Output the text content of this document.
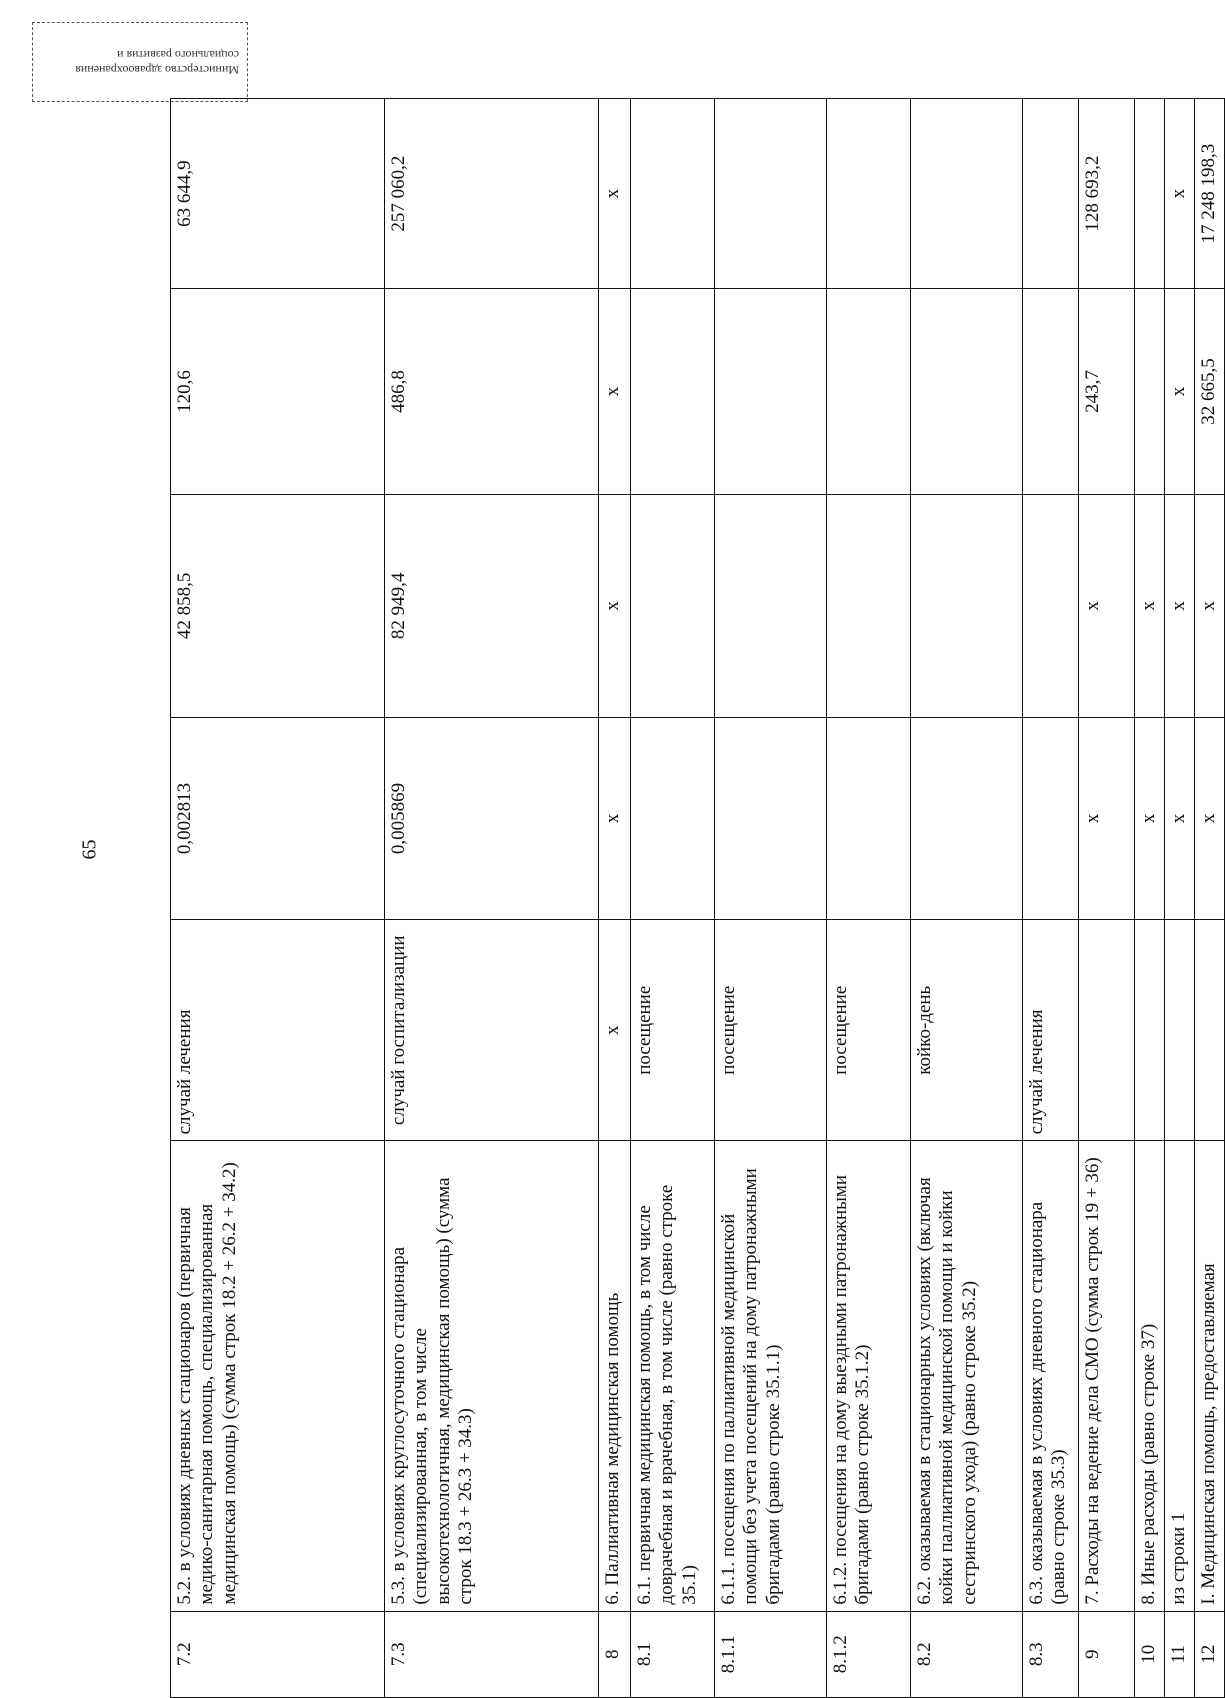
Министерство здравоохранения
социального развития и
65
7.2	5.2. в условиях дневных стационаров (первичная медико-санитарная помощь, специализированная медицинская помощь) (сумма строк 18.2 + 26.2 + 34.2)	случай лечения	0,002813	42 858,5	120,6	63 644,9
7.3	5.3. в условиях круглосуточного стационара (специализированная, в том числе высокотехнологичная, медицинская помощь) (сумма строк 18.3 + 26.3 + 34.3)	случай госпитализации	0,005869	82 949,4	486,8	257 060,2
8	6. Паллиативная медицинская помощь	x	x	x	x	x
8.1	6.1. первичная медицинская помощь, в том числе доврачебная и врачебная, в том числе (равно строке 35.1)	посещение				
8.1.1	6.1.1. посещения по паллиативной медицинской помощи без учета посещений на дому патронажными бригадами (равно строке 35.1.1)	посещение				
8.1.2	6.1.2. посещения на дому выездными патронажными бригадами (равно строке 35.1.2)	посещение				
8.2	6.2. оказываемая в стационарных условиях (включая койки паллиативной медицинской помощи и койки сестринского ухода) (равно строке 35.2)	койко-день				
8.3	6.3. оказываемая в условиях дневного стационара (равно строке 35.3)	случай лечения				
9	7. Расходы на ведение дела СМО (сумма строк 19 + 36)		x	x	243,7	128 693,2
10	8. Иные расходы (равно строке 37)		x	x		
11	из строки 1		x	x	x	x
12	I. Медицинская помощь, предоставляемая		x	x	32 665,5	17 248 198,3
